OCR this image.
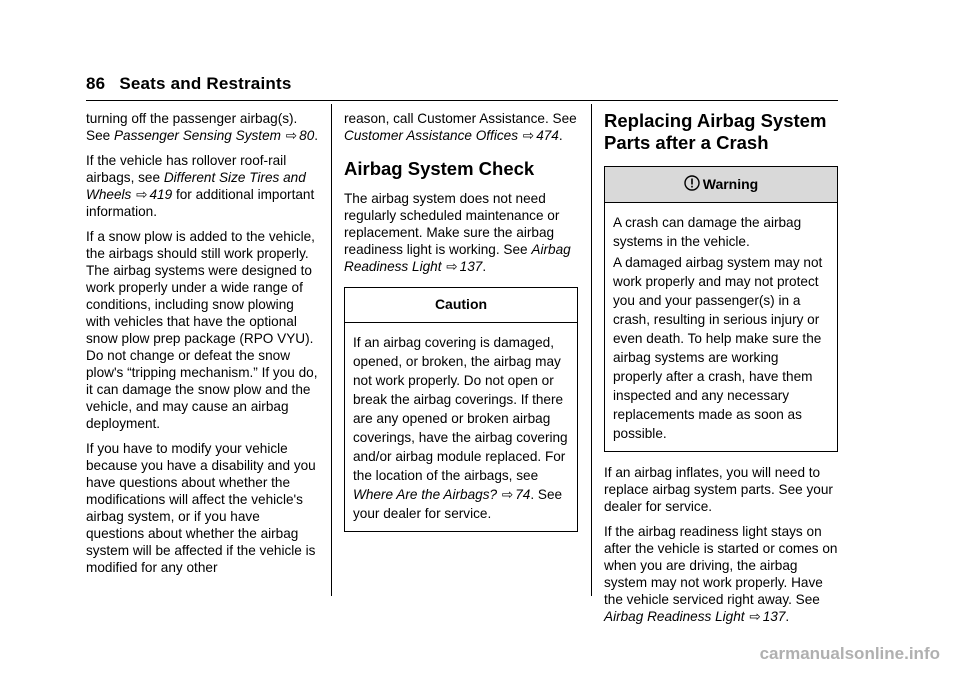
86 Seats and Restraints

turning off the passenger airbag(s). See Passenger Sensing System ⇨ 80.

If the vehicle has rollover roof-rail airbags, see Different Size Tires and Wheels ⇨ 419 for additional important information.

If a snow plow is added to the vehicle, the airbags should still work properly. The airbag systems were designed to work properly under a wide range of conditions, including snow plowing with vehicles that have the optional snow plow prep package (RPO VYU). Do not change or defeat the snow plow's “tripping mechanism.” If you do, it can damage the snow plow and the vehicle, and may cause an airbag deployment.

If you have to modify your vehicle because you have a disability and you have questions about whether the modifications will affect the vehicle's airbag system, or if you have questions about whether the airbag system will be affected if the vehicle is modified for any other

reason, call Customer Assistance. See Customer Assistance Offices ⇨ 474.

Airbag System Check

The airbag system does not need regularly scheduled maintenance or replacement. Make sure the airbag readiness light is working. See Airbag Readiness Light ⇨ 137.

Caution

If an airbag covering is damaged, opened, or broken, the airbag may not work properly. Do not open or break the airbag coverings. If there are any opened or broken airbag coverings, have the airbag covering and/or airbag module replaced. For the location of the airbags, see Where Are the Airbags? ⇨ 74. See your dealer for service.

Replacing Airbag System Parts after a Crash
Warning

A crash can damage the airbag systems in the vehicle.

A damaged airbag system may not work properly and may not protect you and your passenger(s) in a crash, resulting in serious injury or even death. To help make sure the airbag systems are working properly after a crash, have them inspected and any necessary replacements made as soon as possible.

If an airbag inflates, you will need to replace airbag system parts. See your dealer for service.

If the airbag readiness light stays on after the vehicle is started or comes on when you are driving, the airbag system may not work properly. Have the vehicle serviced right away. See Airbag Readiness Light ⇨ 137.

carmanualsonline.info
